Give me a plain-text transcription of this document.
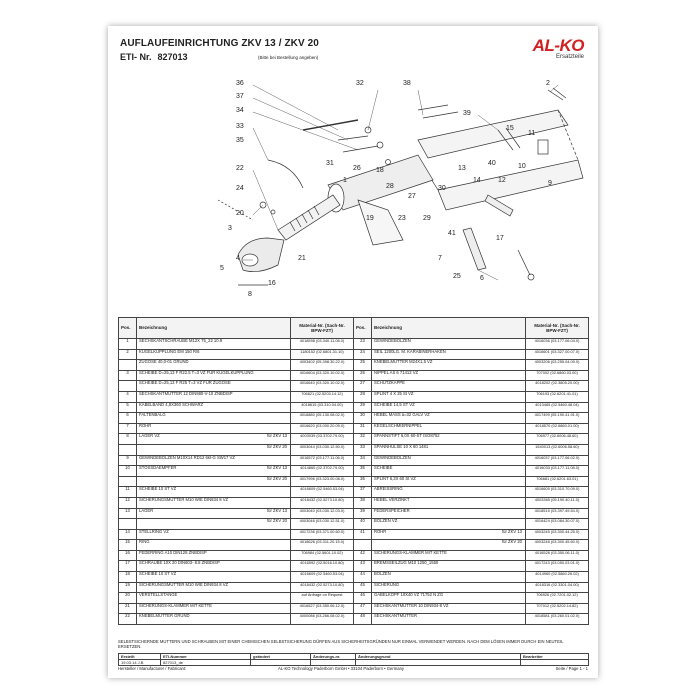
AUFLAUFEINRICHTUNG ZKV 13 / ZKV 20
ETI- Nr. 827013	(Bitte bei Bestellung angeben)
AL-KO
Ersatzteile
36
37
32
34
38
33
35
22
20
24
4
31
1
26 18
28
27
19	23 29
41
30
13
14 12
40
15
39
10
9
2
11
7
6
17
25
16
21
8
5
3
Pos.	Bezeichnung	Material-Nr. (Sach-Nr. BPW-FZT)	Pos.	Bezeichnung	Material-Nr. (Sach-Nr. BPW-FZT)
1	SECHSKANTSCHRAUBE M12X 75_22 10.9	4018598 (03.340.11.08.0)	23	GEWINDEBOLZEN	4016036 (03.177.06.04.0)
2	KUGELKUPPLUNG EM 150 R/6	1180152 (02.6801.31.10)	24	SEIL 1200LG. M. KARABINERHAKEN	4016601 (03.327.00.07.0)
	ZUGÖSE 40,0-01 GRUND	4003402 (05.398.30.22.0)	25	KNEBELMUTTER M24X1,5 VZ	4003206 (03.255.04.09.0)
3	SCHEIBE D=25,13 F R22.5 T=3 VZ FÜR KUGELKUPPLUNG	4016604 (03.320.10.02.0)	26	NIPPEL AS 6 71412 VZ	707002 (02.6860.03.00)
	SCHEIBE D=25,13 F R25 T=3 VZ FÜR ZUGÖSE	4016640 (03.320.10.02.0)	27	SCHUTZKAPPE	4018202 (02.3805.20.00)
4	SECHSKANTMUTTER 12 DIN980-V-10 ZNBDISP	706621 (02.5203.14.12)	28	SPLINT 4 X 25 St VZ	706193 (02.6201.41.01)
5	KABELBAND 4,8X360 SCHWARZ	4018615 (03.310.04.00)	29	SCHEIBE 14,5 ST VZ	4013465 (02.5460.48.04)
6	FALTENBALG	4016880 (05.130.08.02.0)	30	HEBEL MASS a=32 GALV VZ	4017499 (05.190.41.91.0)
7	ROHR	4016620 (03.000.20.09.0)	31	KEGELSCHMIERNIPPEL	4018570 (02.6860.01.00)
8	LAGER VZ für ZKV 13	4003039 (03.3702.79.00)	32	SPANNSTIFT 6,0X 60-ST ISO8752	706977 (02.6006.48.60)

	für ZKV 20	4003044 (03.030.12.50.0)	33	SPANNHÜLSE 10 X 60 1481	1540013 (02.6006.58.60)
9	GEWINDEBOLZEN M10X14 RD12 6kt-G SW17 VZ	4016572 (03.177.11.06.0)	34	GEWINDEBOLZEN	4016037 (03.177.06.02.0)
10	STOSSDAEMPFER für ZKV 13	4014860 (02.3702.79.00)	35	SCHEIBE	4016033 (03.177.11.08.0)

	für ZKV 20	4017996 (03.323.00.08.0)	36	SPLINT 6,3X 60 St VZ	706681 (02.6201.63.01)
11	SCHEIBE 10 ST VZ	4016609 (02.5460.53.04)	37	ABREISSRING	4016605 (03.310.70.09.0)
12	SICHERUNGSMUTTER M10 WIE DIN934 8 VZ	4018432 (02.5273.10.80)	38	HEBEL VERZINKT	4003365 (05.190.40.11.0)
13	LAGER für ZKV 13	4003040 (03.030.12.03.0)	39	FEDERSPEICHER	4018515 (03.397.49.54.0)

	für ZKV 20	4003046 (03.030.12.51.0)	40	BOLZEN VZ	4016424 (03.084.30.07.0)
14	STELLRING VZ	4017236 (03.371.00.60.0)	41	ROHR für ZKV 13	4003245 (03.300.44.25.0)
15	RING	4018626 (03.311.20.15.0)		für ZKV 20	4003246 (03.300.45.60.0)
16	FEDERRING A10 DIN128 ZNBDISP	706984 (02.5601.10.02)	42	SICHERUNGS-KLAMMER MIT KETTE	4016526 (03.350.06.11.0)
17	SCHRAUBE 10X 20 DIN603- 8.8 ZNBDISP	4016592 (02.5016.10.80)	43	BREMSSEILZUG M10 1250_1550	4017243 (03.050.03.01.0)
18	SCHEIBE 10 ST VZ	4016609 (02.5460.53.04)	44	BOLZEN	4014960 (02.5860.26.02)
19	SICHERUNGSMUTTER M10 WIE DIN934 8 VZ	4018432 (02.5273.10.80)	45	SICHERUNG	4018316 (02.3301.04.00)
20	VERSTELLSTANGE	auf Anfrage on Request	46	GABELKOPF 10X40 VZ 71752 N ZG	706926 (02.7201.02.12)
21	SICHERUNGS-KLAMMER MIT KETTE	4016527 (03.350.06.12.0)	47	SECHSKANTMUTTER 10 DIN934-8 VZ	707012 (02.5202.14.82)
22	KNEBELMUTTER GRUND	4000086 (03.266.08.02.0)	48	SECHSKANTMUTTER	4018581 (03.260.01.02.0)
SELBSTSICHERNDE MUTTERN UND SCHRAUBEN MIT EINER CHEMISCHEN SELBSTSICHERUNG DÜRFEN AUS SICHERHEITSGRÜNDEN NUR EINMAL VERWENDET WERDEN. NACH DEM LÖSEN IMMER DURCH EIN NEUTEIL ERSETZEN.
Erstellt	ETI-Nummer	geändert	Änderungs-nr.	Änderungsgrund	Bearbeiter
19.03.14 J.B	827013_de				
Hersteller / Manufacturer / Fabricant:	AL-KO Technology Paderborn GmbH • 33104 Paderborn • Germany	Seite / Page 1 - 1
